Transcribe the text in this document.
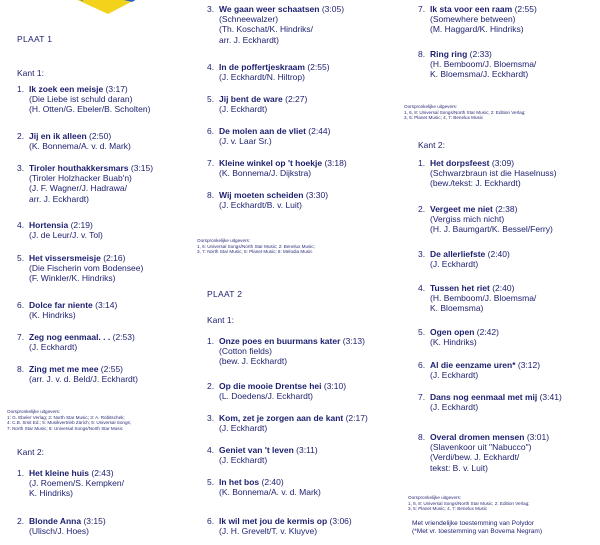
PLAAT 1
Kant 1:
1. Ik zoek een meisje (3:17)
(Die Liebe ist schuld daran)
(H. Otten/G. Ebeler/B. Scholten)
2. Jij en ik alleen (2:50)
(K. Bonnema/A. v. d. Mark)
3. Tiroler houthakkersmars (3:15)
(Tiroler Holzhacker Buab'n)
(J. F. Wagner/J. Hadrawa/
arr. J. Eckhardt)
4. Hortensia (2:19)
(J. de Leur/J. v. Tol)
5. Het vissersmeisje (2:16)
(Die Fischerin vom Bodensee)
(F. Winkler/K. Hindriks)
6. Dolce far niente (3:14)
(K. Hindriks)
7. Zeg nog eenmaal. . . (2:53)
(J. Eckhardt)
8. Zing met me mee (2:55)
(arr. J. v. d. Beld/J. Eckhardt)
Oorspronkelijke uitgevers:
1: G. Ebeler Verlag; 2: North Star Music; 3: A. Robitschek;
4: C.B. Smit Ed.; 5: Musikvertrieb Zürich; 6: Universal Songs;
7: North Star Music; 8: Universal Songs/North Star Music
Kant 2:
1. Het kleine huis (2:43)
(J. Roemen/S. Kempken/
K. Hindriks)
2. Blonde Anna (3:15)
(Ulisch/J. Hoes)
3. We gaan weer schaatsen (3:05)
(Schneewalzer)
(Th. Koschat/K. Hindriks/
arr. J. Eckhardt)
4. In de poffertjeskraam (2:55)
(J. Eckhardt/N. Hiltrop)
5. Jij bent de ware (2:27)
(J. Eckhardt)
6. De molen aan de vliet (2:44)
(J. v. Laar Sr.)
7. Kleine winkel op 't hoekje (3:18)
(K. Bonnema/J. Dijkstra)
8. Wij moeten scheiden (3:30)
(J. Eckhardt/B. v. Luit)
Oorspronkelijke uitgevers:
1, 6: Universal Songs/North Star Music; 2: Benelux Music;
3, 7: North Star Music; 5: Planet Music; 8: Melodia Music
PLAAT 2
Kant 1:
1. Onze poes en buurmans kater (3:13)
(Cotton fields)
(bew. J. Eckhardt)
2. Op die mooie Drentse hei (3:10)
(L. Doedens/J. Eckhardt)
3. Kom, zet je zorgen aan de kant (2:17)
(J. Eckhardt)
4. Geniet van 't leven (3:11)
(J. Eckhardt)
5. In het bos (2:40)
(K. Bonnema/A. v. d. Mark)
6. Ik wil met jou de kermis op (3:06)
(J. H. Grevelt/T. v. Kluyve)
7. Ik sta voor een raam (2:55)
(Somewhere between)
(M. Haggard/K. Hindriks)
8. Ring ring (2:33)
(H. Bemboom/J. Bloemsma/
K. Bloemsma/J. Eckhardt)
Oorspronkelijke uitgevers:
1, 6, 8: Universal Songs/North Star Music; 2: Edition Verlag;
3, 5: Planet Music; 4, 7: Benelux Music
Kant 2:
1. Het dorpsfeest (3:09)
(Schwarzbraun ist die Haselnuss)
(bew./tekst: J. Eckhardt)
2. Vergeet me niet (2:38)
(Vergiss mich nicht)
(H. J. Baumgart/K. Bessel/Ferry)
3. De allerliefste (2:40)
(J. Eckhardt)
4. Tussen het riet (2:40)
(H. Bemboom/J. Bloemsma/
K. Bloemsma)
5. Ogen open (2:42)
(K. Hindriks)
6. Al die eenzame uren* (3:12)
(J. Eckhardt)
7. Dans nog eenmaal met mij (3:41)
(J. Eckhardt)
8. Overal dromen mensen (3:01)
(Slavenkoor uit "Nabucco")
(Verdi/bew. J. Eckhardt/
tekst: B. v. Luit)
Oorspronkelijke uitgevers:
1, 6, 8: Universal Songs/North Star Music; 2: Edition Verlag;
3, 5: Planet Music; 4, 7: Benelux Music
Met vriendelijke toestemming van Polydor
(*Met vr. toestemming van Bovema Negram)
